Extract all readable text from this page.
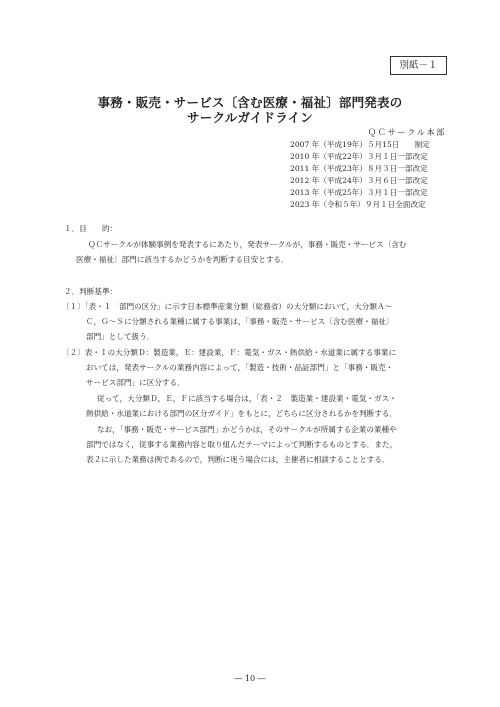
別紙－１
事務・販売・サービス〔含む医療・福祉〕部門発表の
サークルガイドライン
ＱＣサークル本部
2007 年（平成19年）５月15日　　制定
2010 年（平成22年）３月１日一部改定
2011 年（平成23年）８月３日一部改定
2012 年（平成24年）３月６日一部改定
2013 年（平成25年）３月１日一部改定
2023 年（令和５年）９月１日全面改定
１．目　　的：
ＱＣサークルが体験事例を発表するにあたり，発表サークルが，事務・販売・サービス〔含む
医療・福祉〕部門に該当するかどうかを判断する目安とする．
２．判断基準：
〔１〕「表・１　部門の区分」に示す日本標準産業分類（総務省）の大分類において，大分類Ａ～
Ｃ，Ｇ～Ｓに分類される業種に属する事業は，「事務・販売・サービス〔含む医療・福祉〕
部門」として扱う．
〔２〕表・１の大分類Ｄ：製造業，Ｅ：建設業，Ｆ：電気・ガス・熱供給・水道業に属する事業に
おいては，発表サークルの業務内容によって，「製造・技術・品証部門」と「事務・販売・
サービス部門」に区分する．
従って，大分類Ｄ，Ｅ，Ｆに該当する場合は，「表・２　製造業・建設業・電気・ガス・
熱供給・水道業における部門の区分ガイド」をもとに，どちらに区分されるかを判断する．
なお，「事務・販売・サービス部門」かどうかは，そのサークルが所属する企業の業種や
部門ではなく，従事する業務内容と取り組んだテーマによって判断するものとする．また，
表２に示した業務は例であるので，判断に迷う場合には，主催者に相談することとする．
― 10 ―
